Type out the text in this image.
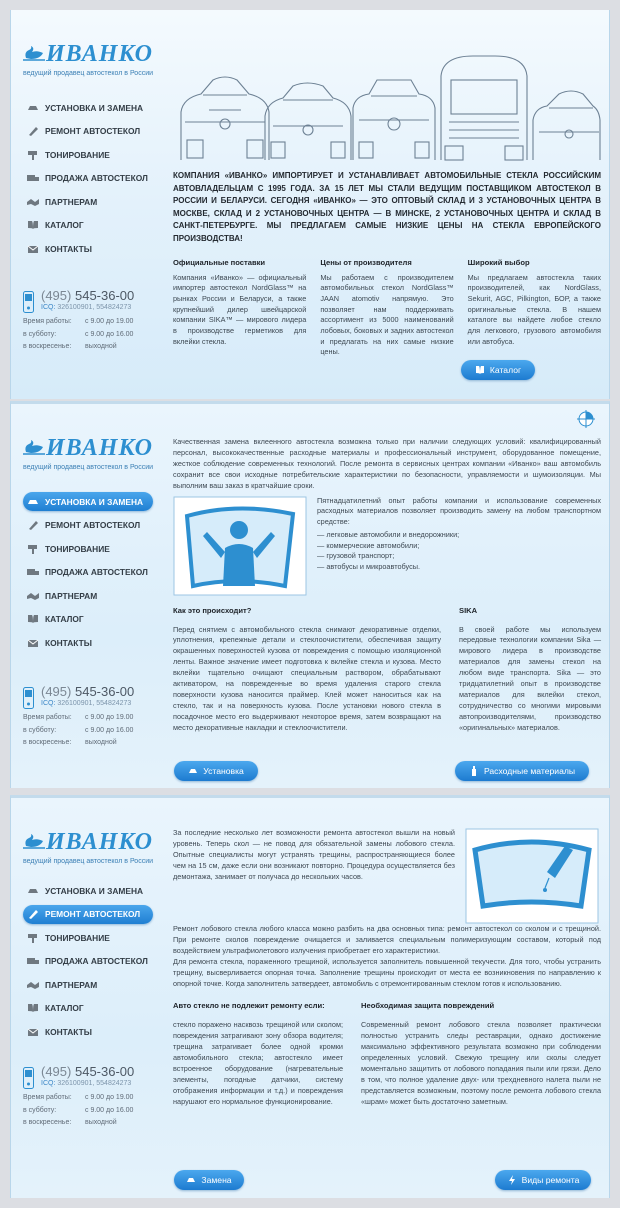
ИВАНКО
ведущий продавец автостекол в России
УСТАНОВКА И ЗАМЕНА
РЕМОНТ АВТОСТЕКОЛ
ТОНИРОВАНИЕ
ПРОДАЖА АВТОСТЕКОЛ
ПАРТНЕРАМ
КАТАЛОГ
КОНТАКТЫ
(495) 545-36-00
ICQ: 326100901, 554824273
Время работы:	с 9.00 до 19.00
в субботу:	с 9.00 до 16.00
в воскресенье:	выходной

КОМПАНИЯ «ИВАНКО» ИМПОРТИРУЕТ И УСТАНАВЛИВАЕТ АВТОМОБИЛЬНЫЕ СТЕКЛА РОССИЙСКИМ АВТОВЛАДЕЛЬЦАМ С 1995 ГОДА. ЗА 15 ЛЕТ МЫ СТАЛИ ВЕДУЩИМ ПОСТАВЩИКОМ АВТОСТЕКОЛ В РОССИИ И БЕЛАРУСИ. СЕГОДНЯ «ИВАНКО» — ЭТО ОПТОВЫЙ СКЛАД И 3 УСТАНОВОЧНЫХ ЦЕНТРА В МОСКВЕ, СКЛАД И 2 УСТАНОВОЧНЫХ ЦЕНТРА — В МИНСКЕ, 2 УСТАНОВОЧНЫХ ЦЕНТРА И СКЛАД В САНКТ-ПЕТЕРБУРГЕ. МЫ ПРЕДЛАГАЕМ САМЫЕ НИЗКИЕ ЦЕНЫ НА СТЕКЛА ЕВРОПЕЙСКОГО ПРОИЗВОДСТВА!

Официальные поставки

Компания «Иванко» — официальный импортер автостекол NordGlass™ на рынках России и Беларуси, а также крупнейший дилер швейцарской компании SIKA™ — мирового лидера в производстве герметиков для вклейки стекла.

Цены от производителя

Мы работаем с производителем автомобильных стекол NordGlass™ JAAN atomotiv напрямую. Это позволяет нам поддерживать ассортимент из 5000 наименований лобовых, боковых и задних автостекол и предлагать на них самые низкие цены.

Широкий выбор

Мы предлагаем автостекла таких производителей, как NordGlass, Sekurit, AGC, Pilkington, БОР, а также оригинальные стекла. В нашем каталоге вы найдете любое стекло для легкового, грузового автомобиля или автобуса.

Каталог
ИВАНКО
ведущий продавец автостекол в России
УСТАНОВКА И ЗАМЕНА
РЕМОНТ АВТОСТЕКОЛ
ТОНИРОВАНИЕ
ПРОДАЖА АВТОСТЕКОЛ
ПАРТНЕРАМ
КАТАЛОГ
КОНТАКТЫ
(495) 545-36-00
ICQ: 326100901, 554824273
Время работы:	с 9.00 до 19.00
в субботу:	с 9.00 до 16.00
в воскресенье:	выходной

Качественная замена вклеенного автостекла возможна только при наличии следующих условий: квалифицированный персонал, высококачественные расходные материалы и профессиональный инструмент, оборудованное помещение, жесткое соблюдение современных технологий. После ремонта в сервисных центрах компании «Иванко» ваш автомобиль сохранит все свои исходные потребительские характеристики по безопасности, управляемости и шумоизоляции. Мы выполним ваш заказ в кратчайшие сроки.

Пятнадцатилетний опыт работы компании и использование современных расходных материалов позволяет производить замену на любом транспортном средстве:

— легковые автомобили и внедорожники;
— коммерческие автомобили;
— грузовой транспорт;
— автобусы и микроавтобусы.
Как это происходит?

Перед снятием с автомобильного стекла снимают декоративные отделки, уплотнения, крепежные детали и стеклоочистители, обеспечивая защиту окрашенных поверхностей кузова от повреждения с помощью изоляционной ленты. Важное значение имеет подготовка к вклейке стекла и кузова. Место вклейки тщательно очищают специальным раствором, обрабатывают активатором, на поврежденные во время удаления старого стекла поверхности кузова наносится праймер. Клей может наноситься как на стекло, так и на поверхность кузова. После установки нового стекла в посадочное место его выдерживают некоторое время, затем возвращают на место декоративные накладки и стеклоочистители.

SIKA

В своей работе мы используем передовые технологии компании Sika — мирового лидера в производстве материалов для замены стекол на любом виде транспорта. Sika — это тридцатилетний опыт в производстве материалов для вклейки стекол, сотрудничество со многими мировыми автопроизводителями, производство «оригинальных» материалов.

Установка	Расходные материалы
ИВАНКО
ведущий продавец автостекол в России
УСТАНОВКА И ЗАМЕНА
РЕМОНТ АВТОСТЕКОЛ
ТОНИРОВАНИЕ
ПРОДАЖА АВТОСТЕКОЛ
ПАРТНЕРАМ
КАТАЛОГ
КОНТАКТЫ
(495) 545-36-00
ICQ: 326100901, 554824273
Время работы:	с 9.00 до 19.00
в субботу:	с 9.00 до 16.00
в воскресенье:	выходной

За последние несколько лет возможности ремонта автостекол вышли на новый уровень. Теперь скол — не повод для обязательной замены лобового стекла. Опытные специалисты могут устранять трещины, распространяющиеся более чем на 15 см, даже если они возникают повторно. Процедура осуществляется без демонтажа, занимает от получаса до нескольких часов.

Ремонт лобового стекла любого класса можно разбить на два основных типа: ремонт автостекол со сколом и с трещиной. При ремонте сколов повреждение очищается и заливается специальным полимеризующим составом, который под воздействием ультрафиолетового излучения приобретает его характеристики.

Для ремонта стекла, пораженного трещиной, используется заполнитель повышенной текучести. Для того, чтобы устранить трещину, высверливается опорная точка. Заполнение трещины происходит от места ее возникновения по направлению к опорной точке. Когда заполнитель затвердеет, автомобиль с отремонтированным стеклом готов к использованию.

Авто стекло не подлежит ремонту если:

стекло поражено насквозь трещиной или сколом; повреждения затрагивают зону обзора водителя; трещина затрагивает более одной кромки автомобильного стекла; автостекло имеет встроенное оборудование (нагревательные элементы, погодные датчики, систему отображения информации и т.д.) и повреждения нарушают его нормальное функционирование.

Необходимая защита повреждений

Современный ремонт лобового стекла позволяет практически полностью устранить следы реставрации, однако достижение максимально эффективного результата возможно при соблюдении определенных условий. Свежую трещину или сколы следует моментально защитить от лобового попадания пыли или грязи. Дело в том, что полное удаление двух- или трехдневного налета пыли не представляется возможным, поэтому после ремонта лобового стекла «шрам» может быть достаточно заметным.

Замена	Виды ремонта
